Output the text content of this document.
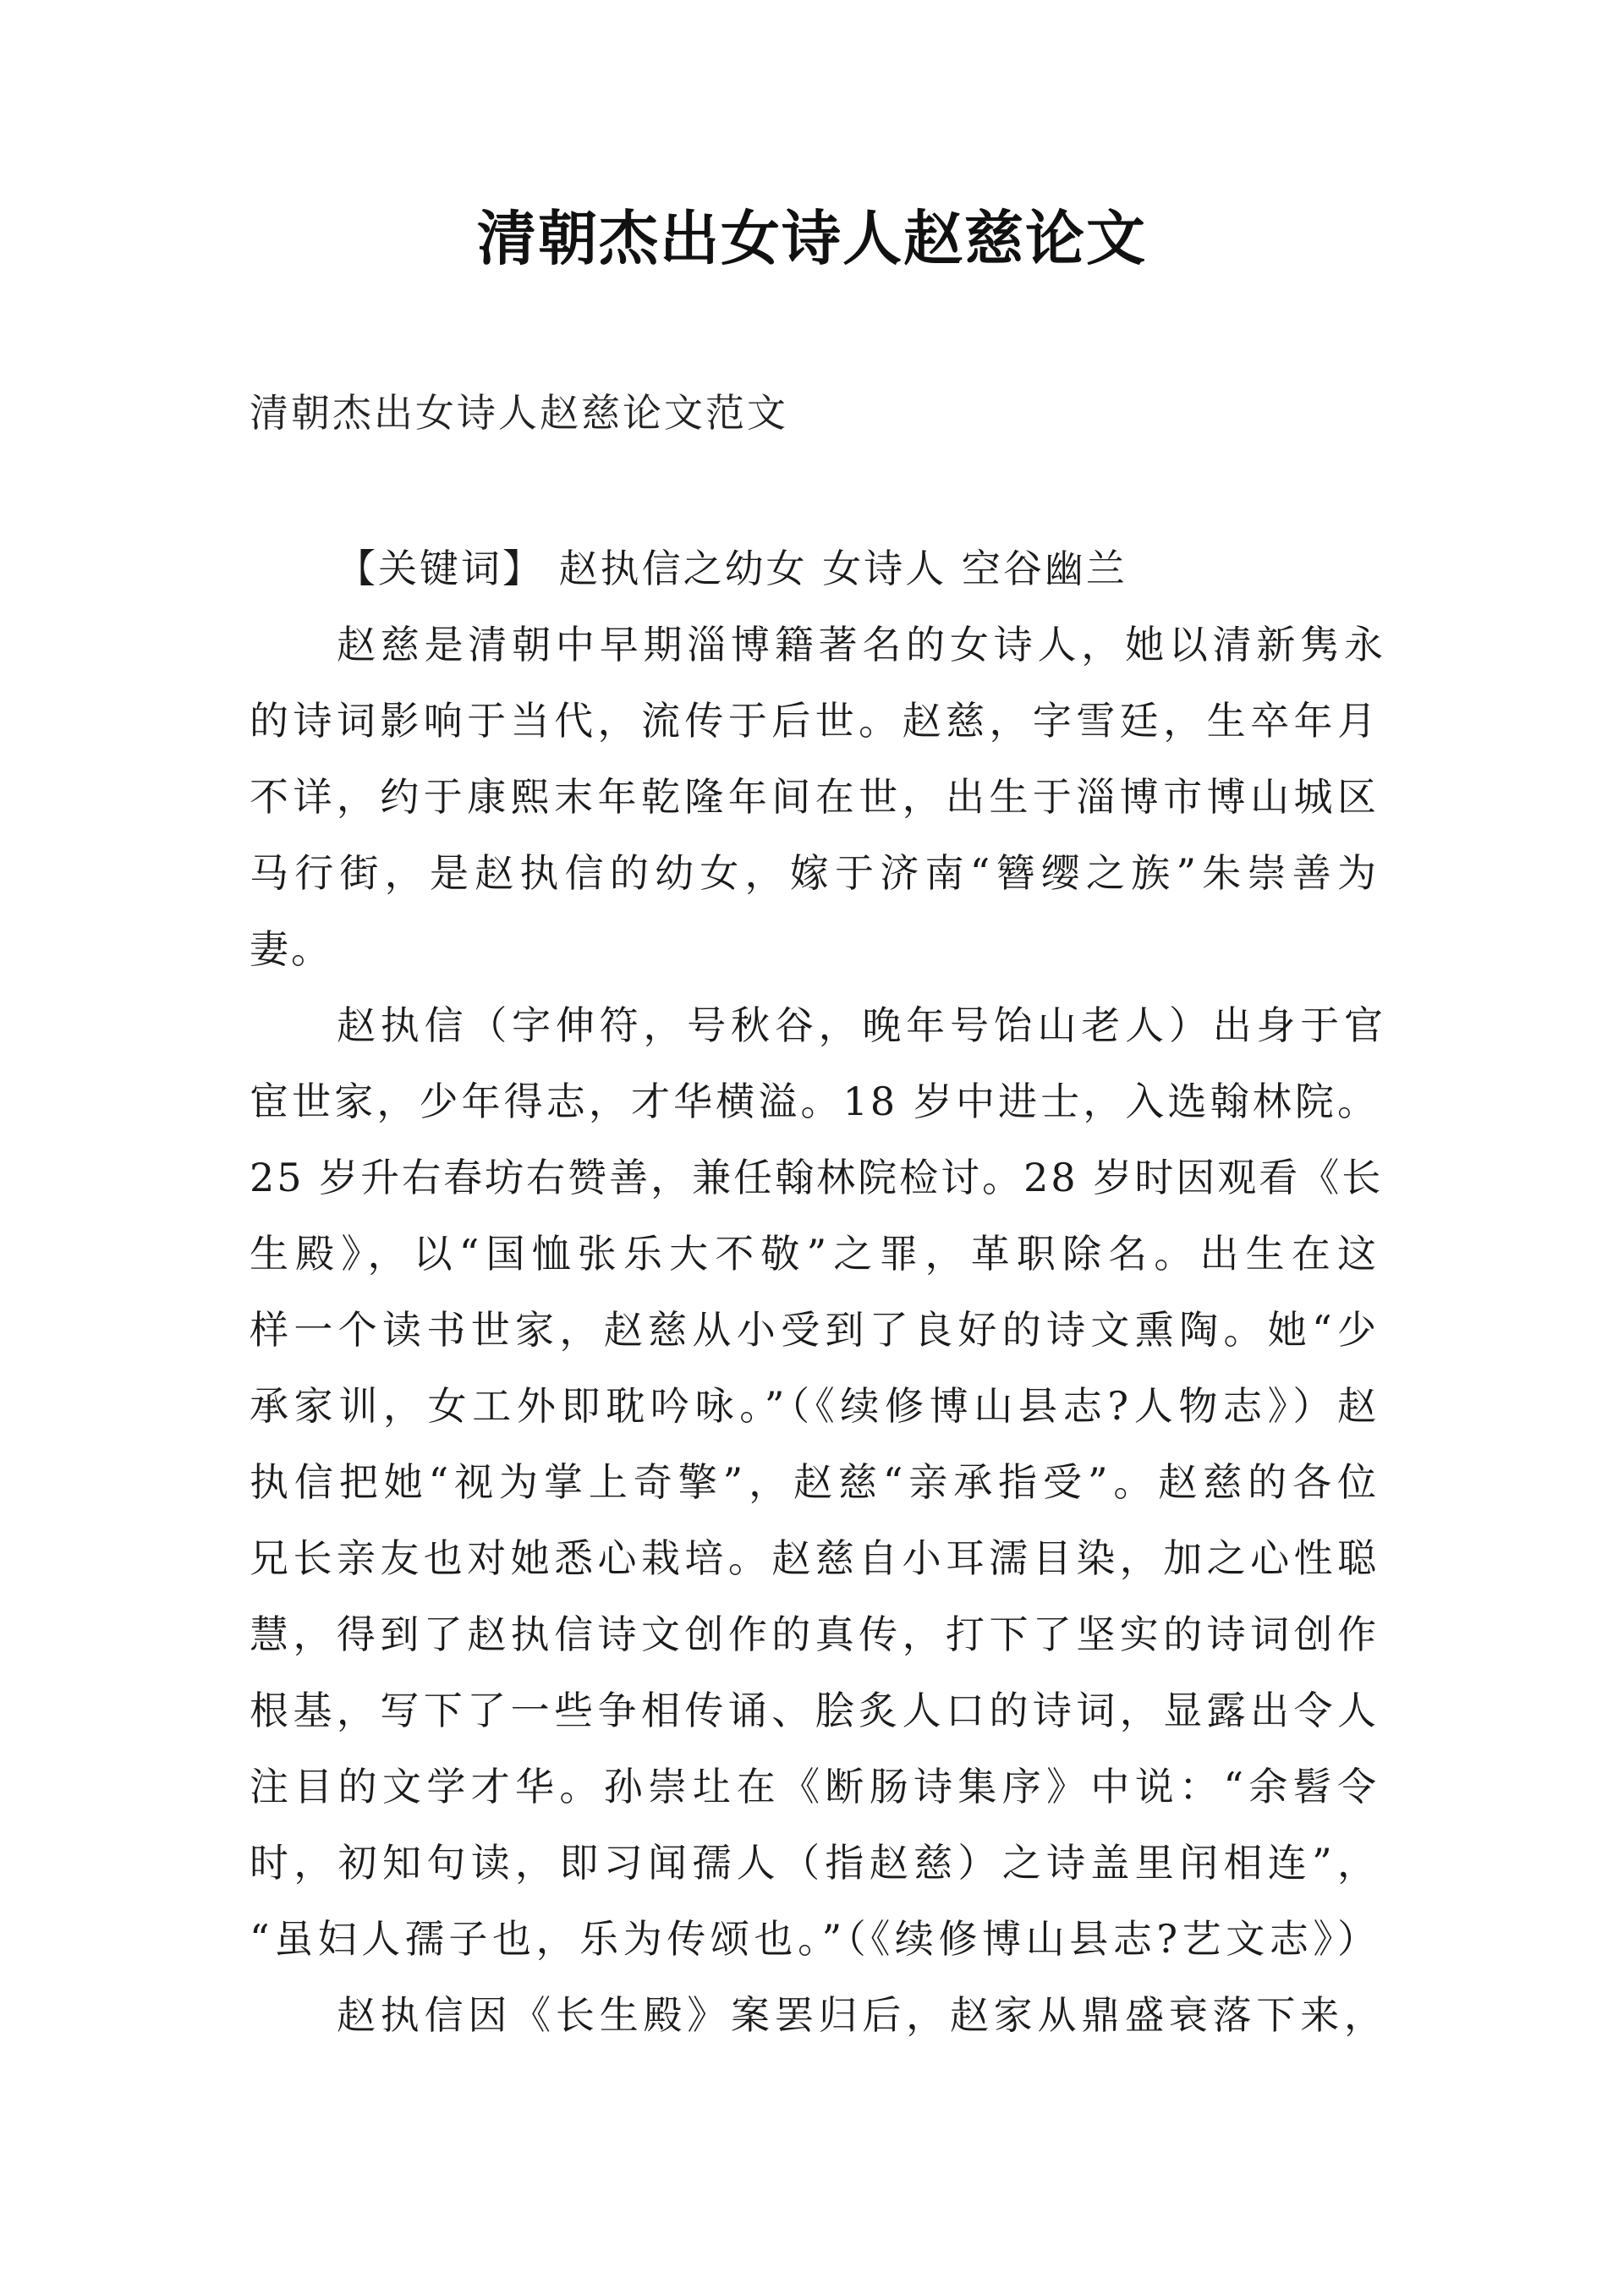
清朝杰出女诗人赵慈论文
清朝杰出女诗人赵慈论文范文
【关键词】 赵执信之幼女 女诗人 空谷幽兰
赵慈是清朝中早期淄博籍著名的女诗人，她以清新隽永
的诗词影响于当代，流传于后世。赵慈，字雪廷，生卒年月
不详，约于康熙末年乾隆年间在世，出生于淄博市博山城区
马行街，是赵执信的幼女，嫁于济南“簪缨之族”朱崇善为
妻。
赵执信（字伸符，号秋谷，晚年号饴山老人）出身于官
宦世家，少年得志，才华横溢。18 岁中进士，入选翰林院。
25 岁升右春坊右赞善，兼任翰林院检讨。28 岁时因观看《长
生殿》，以“国恤张乐大不敬”之罪，革职除名。出生在这
样一个读书世家，赵慈从小受到了良好的诗文熏陶。她“少
承家训，女工外即耽吟咏。”（《续修博山县志?人物志》）赵
执信把她“视为掌上奇擎”，赵慈“亲承指受”。赵慈的各位
兄长亲友也对她悉心栽培。赵慈自小耳濡目染，加之心性聪
慧，得到了赵执信诗文创作的真传，打下了坚实的诗词创作
根基，写下了一些争相传诵、脍炙人口的诗词，显露出令人
注目的文学才华。孙崇圵在《断肠诗集序》中说：“余髫令
时，初知句读，即习闻孺人（指赵慈）之诗盖里闬相连”，
“虽妇人孺子也，乐为传颂也。”（《续修博山县志?艺文志》）
赵执信因《长生殿》案罢归后，赵家从鼎盛衰落下来，
